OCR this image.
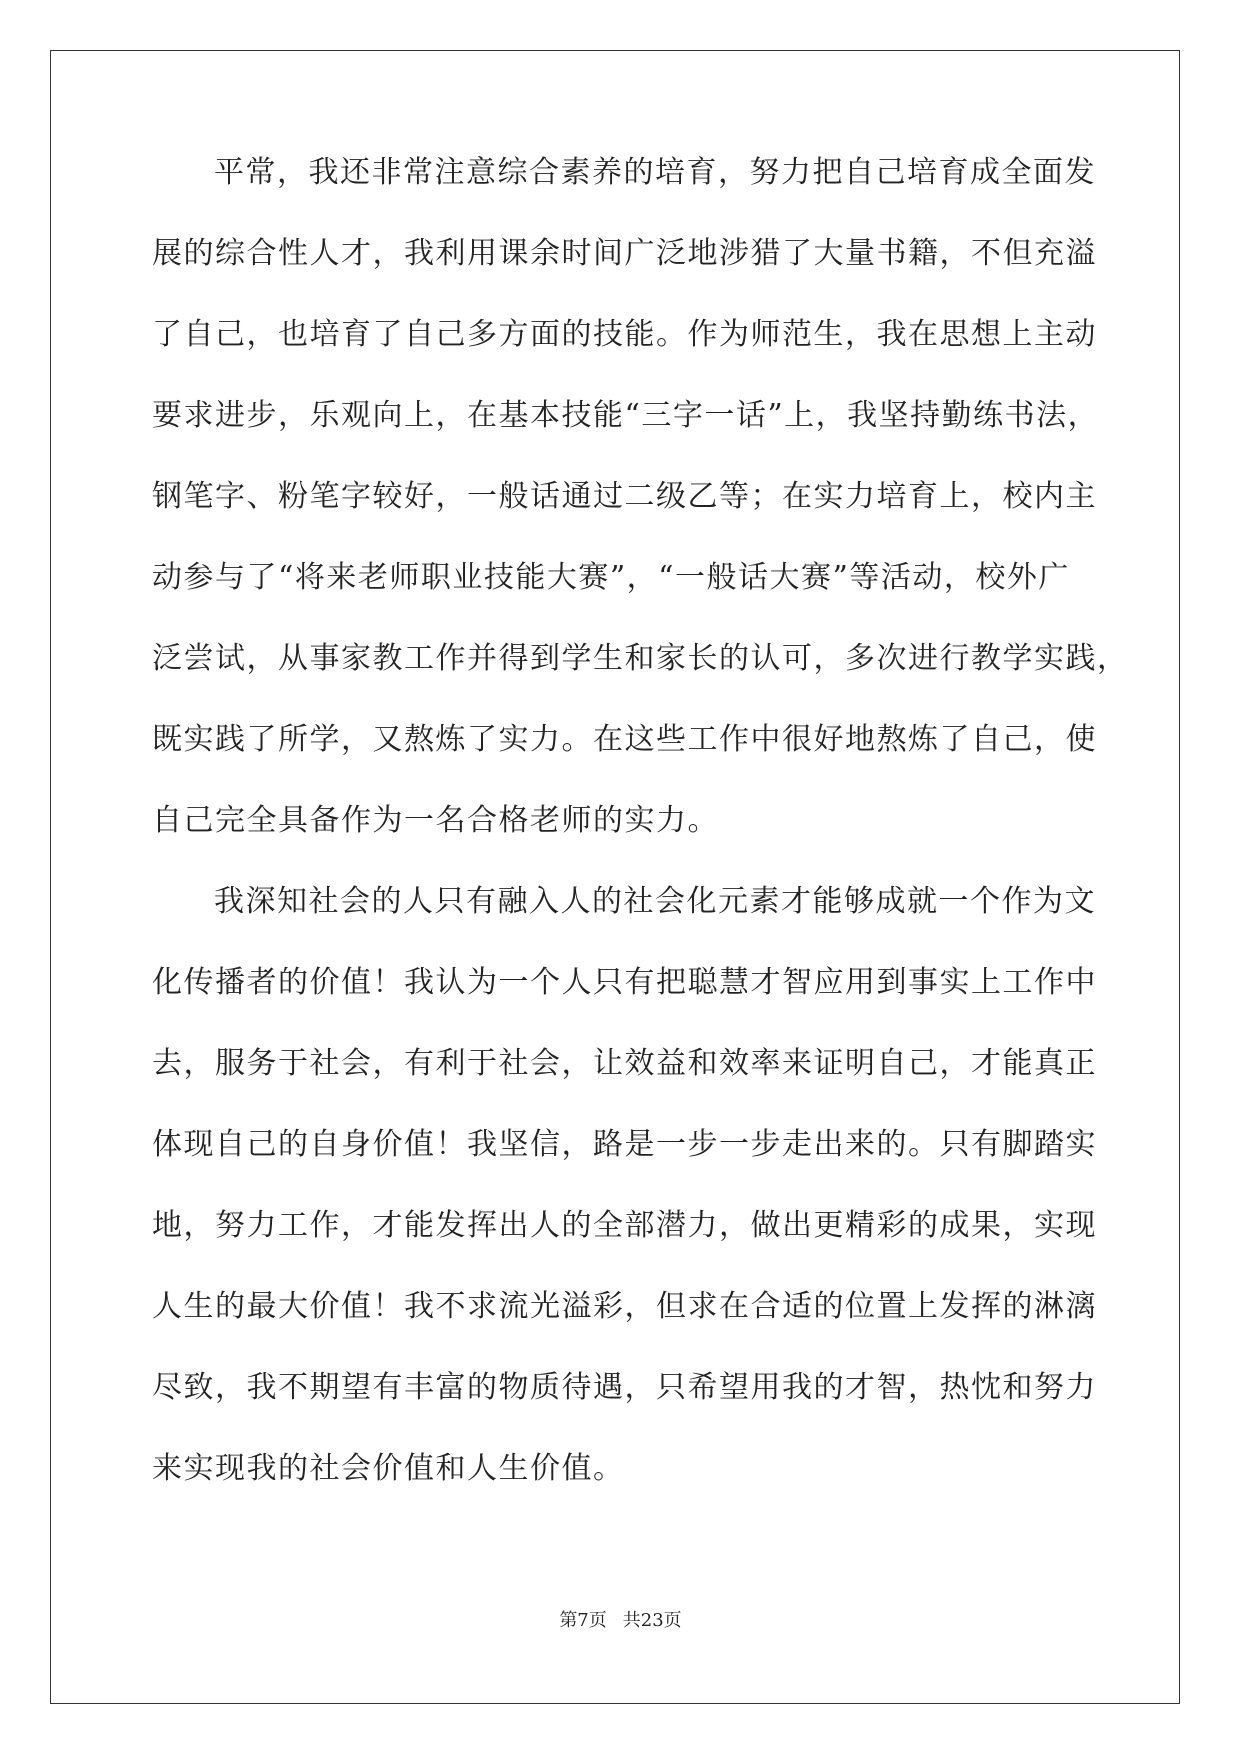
平常，我还非常注意综合素养的培育，努力把自己培育成全面发
展的综合性人才，我利用课余时间广泛地涉猎了大量书籍，不但充溢
了自己，也培育了自己多方面的技能。作为师范生，我在思想上主动
要求进步，乐观向上，在基本技能“三字一话”上，我坚持勤练书法，
钢笔字、粉笔字较好，一般话通过二级乙等；在实力培育上，校内主
动参与了“将来老师职业技能大赛”，“一般话大赛”等活动，校外广
泛尝试，从事家教工作并得到学生和家长的认可，多次进行教学实践，
既实践了所学，又熬炼了实力。在这些工作中很好地熬炼了自己，使
自己完全具备作为一名合格老师的实力。
我深知社会的人只有融入人的社会化元素才能够成就一个作为文
化传播者的价值！我认为一个人只有把聪慧才智应用到事实上工作中
去，服务于社会，有利于社会，让效益和效率来证明自己，才能真正
体现自己的自身价值！我坚信，路是一步一步走出来的。只有脚踏实
地，努力工作，才能发挥出人的全部潜力，做出更精彩的成果，实现
人生的最大价值！我不求流光溢彩，但求在合适的位置上发挥的淋漓
尽致，我不期望有丰富的物质待遇，只希望用我的才智，热忱和努力
来实现我的社会价值和人生价值。
第7页 共23页
